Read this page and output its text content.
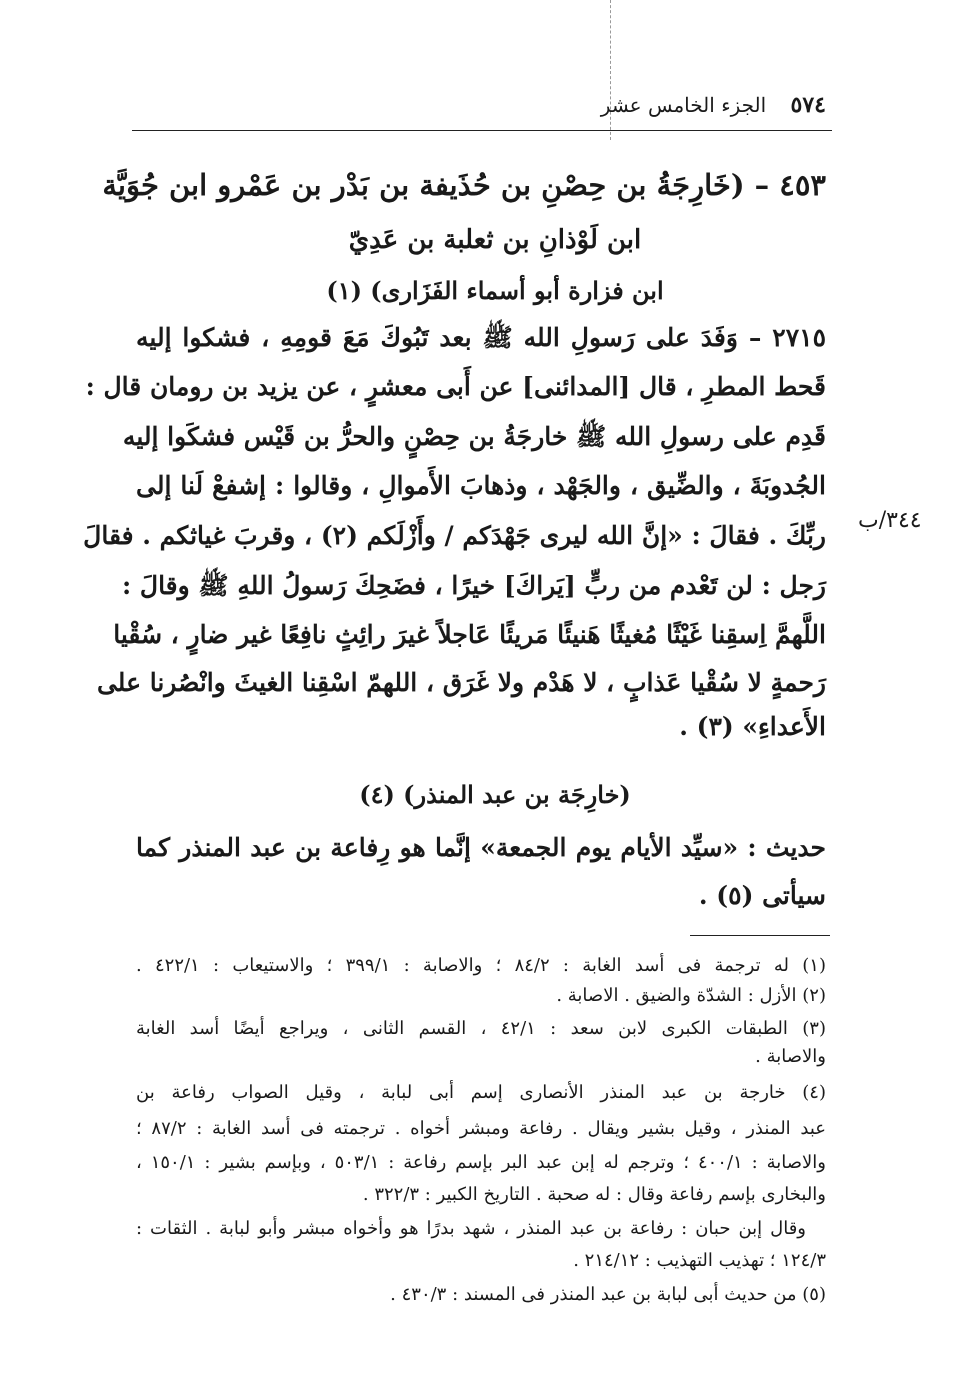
٥٧٤ الجزء الخامس عشر
٤٥٣ – (خَارِجَةُ بن حِصْنِ بن حُذَيفة بن بَدْر بن عَمْرو ابن جُوَيَّة
ابن لَوْذانِ بن ثعلبة بن عَدِيّ
ابن فزارة أبو أسماء الفَزَارى) (١)
٢٧١٥ – وَفَدَ على رَسولِ الله ﷺ بعد تَبُوكَ مَعَ قومِهِ ، فشكوا إليه
قَحط المطرِ ، قال [المدائنى] عن أَبى معشرٍ ، عن يزيد بن رومان قال :
قَدِم على رسولِ الله ﷺ خارجَةُ بن حِصْنٍ والحرُّ بن قَيْس فشكَوا إليه
الجُدوبَةَ ، والضِّيق ، والجَهْد ، وذهابَ الأَموالِ ، وقالوا : إشفعْ لَنا إلى
ربِّكَ . فقالَ : «إنَّ الله ليرى جَهْدَكم / وأَزْلَكم (٢) ، وقربَ غياثكم . فقالَ
رَجل : لن تَعْدم من ربٍّ [يَراكَ] خيرًا ، فضَحِكَ رَسولُ اللهِ ﷺ وقالَ :
اللَّهمَّ اِسقِنا غَيْثًا مُغيثًا هَنيئًا مَريئًا عَاجلاً غيرَ رائِثٍ نافِعًا غير ضارٍ ، سُقْيا
رَحمةٍ لا سُقْيا عَذابٍ ، لا هَدْم ولا غَرَق ، اللهمّ اسْقِنا الغيثَ وانْصُرنا على
الأَعداءِ» (٣) .
٣٤٤/ب
(خارِجَة بن عبد المنذر) (٤)
حديث : «سيِّد الأيام يوم الجمعة» إنَّما هو رِفاعة بن عبد المنذر كما
سيأتى (٥) .
(١) له ترجمة فى أسد الغابة : ٨٤/٢ ؛ والاصابة : ٣٩٩/١ ؛ والاستيعاب : ٤٢٢/١ .
(٢) الأزل : الشدّة والضيق . الاصابة .
(٣) الطبقات الكبرى لابن سعد : ٤٢/١ ، القسم الثانى ، ويراجع أيضًا أسد الغابة
والاصابة .
(٤) خارجة بن عبد المنذر الأنصارى إسم أبى لبابة ، وقيل الصواب رفاعة بن
عبد المنذر ، وقيل بشير ويقال . رفاعة ومبشر أخواه . ترجمته فى أسد الغابة : ٨٧/٢ ؛
والاصابة : ٤٠٠/١ ؛ وترجم له إبن عبد البر بإسم رفاعة : ٥٠٣/١ ، وبإسم بشير : ١٥٠/١ ،
والبخارى بإسم رفاعة وقال : له صحبة . التاريخ الكبير : ٣٢٢/٣ .
وقال إبن حبان : رفاعة بن عبد المنذر ، شهد بدرًا هو وأخواه مبشر وأبو لبابة . الثقات :
١٢٤/٣ ؛ تهذيب التهذيب : ٢١٤/١٢ .
(٥) من حديث أبى لبابة بن عبد المنذر فى المسند : ٤٣٠/٣ .
